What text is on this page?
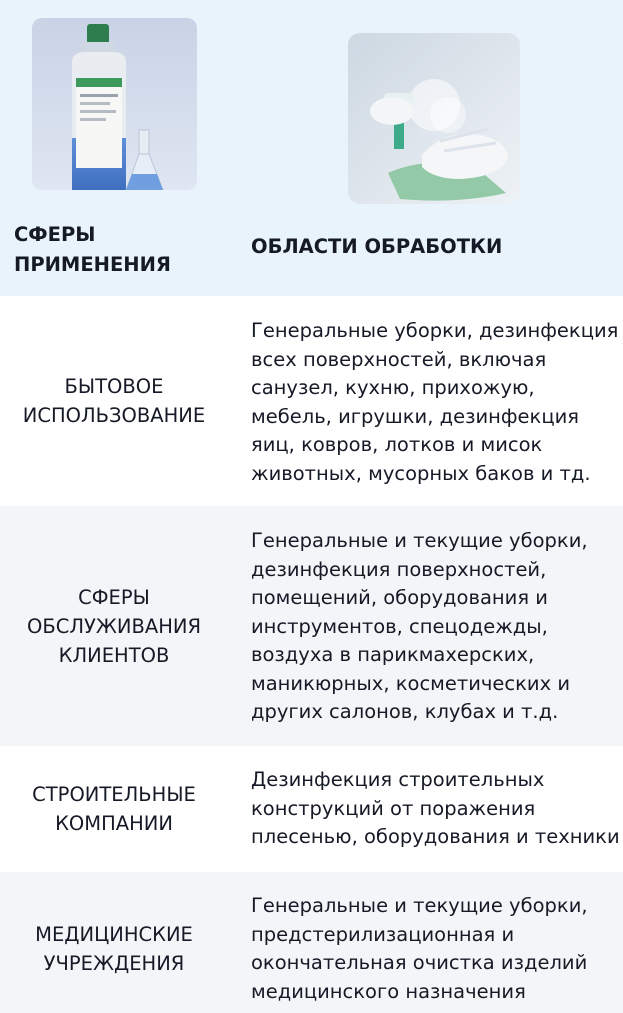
СФЕРЫ ПРИМЕНЕНИЯ
ОБЛАСТИ ОБРАБОТКИ
БЫТОВОЕ ИСПОЛЬЗОВАНИЕ
Генеральные уборки, дезинфекция всех поверхностей, включая санузел, кухню, прихожую, мебель, игрушки, дезинфекция яиц, ковров, лотков и мисок животных, мусорных баков и тд.
СФЕРЫ ОБСЛУЖИВАНИЯ КЛИЕНТОВ
Генеральные и текущие уборки, дезинфекция поверхностей, помещений, оборудования и инструментов, спецодежды, воздуха в парикмахерских, маникюрных, косметических и других салонов, клубах и т.д.
СТРОИТЕЛЬНЫЕ КОМПАНИИ
Дезинфекция строительных конструкций от поражения плесенью, оборудования и техники
МЕДИЦИНСКИЕ УЧРЕЖДЕНИЯ
Генеральные и текущие уборки, предстерилизационная и окончательная очистка изделий медицинского назначения
